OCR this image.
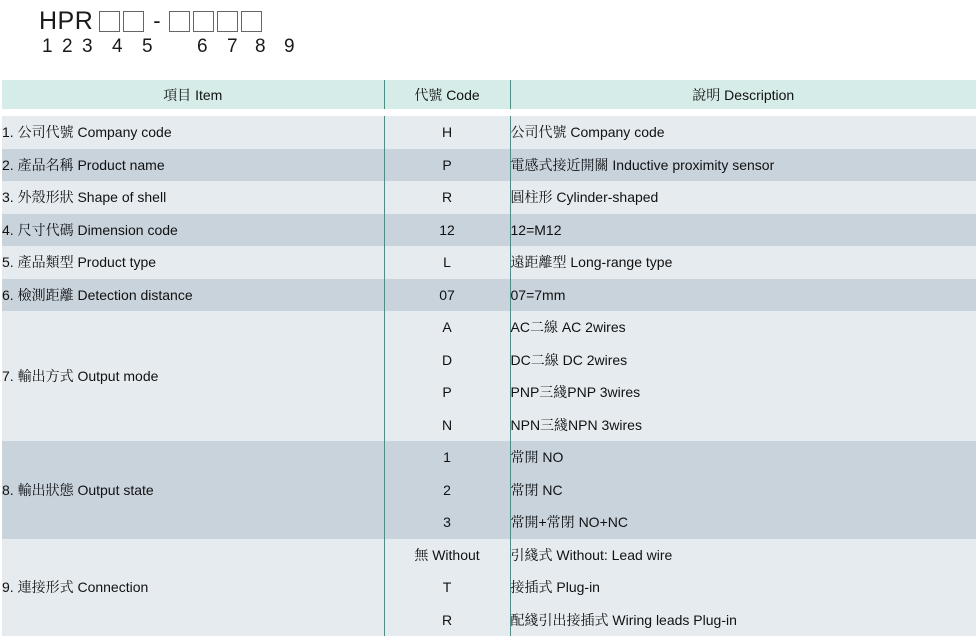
HPR	-
1 2 3 4 5 6 7 8 9
項目 Item	代號 Code	說明 Description
1. 公司代號 Company code	H	公司代號 Company code
2. 產品名稱 Product name	P	電感式接近開關 Inductive proximity sensor
3. 外殼形狀 Shape of shell	R	圓柱形 Cylinder-shaped
4. 尺寸代碼 Dimension code	12	12=M12
5. 產品類型 Product type	L	遠距離型 Long-range type
6. 檢測距離 Detection distance	07	07=7mm
7. 輸出方式 Output mode	A	AC二線 AC 2wires
	D	DC二線 DC 2wires
	P	PNP三綫PNP 3wires
	N	NPN三綫NPN 3wires
8. 輸出狀態 Output state	1	常開 NO
	2	常閉 NC
	3	常開+常閉 NO+NC
9. 連接形式 Connection	無 Without	引綫式 Without: Lead wire
	T	接插式 Plug-in
	R	配綫引出接插式 Wiring leads Plug-in
